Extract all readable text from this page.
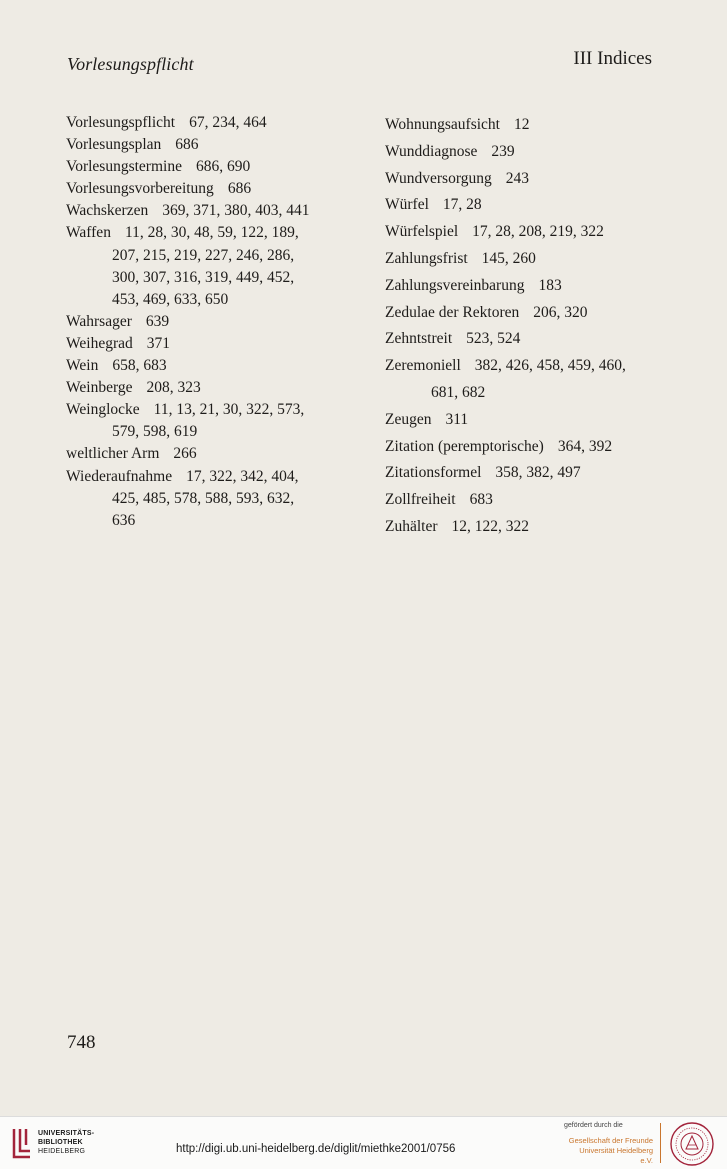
Vorlesungspflicht	III Indices
Vorlesungspflicht 67, 234, 464
Vorlesungsplan 686
Vorlesungstermine 686, 690
Vorlesungsvorbereitung 686
Wachskerzen 369, 371, 380, 403, 441
Waffen 11, 28, 30, 48, 59, 122, 189,
207, 215, 219, 227, 246, 286,
300, 307, 316, 319, 449, 452,
453, 469, 633, 650
Wahrsager 639
Weihegrad 371
Wein 658, 683
Weinberge 208, 323
Weinglocke 11, 13, 21, 30, 322, 573,
579, 598, 619
weltlicher Arm 266
Wiederaufnahme 17, 322, 342, 404,
425, 485, 578, 588, 593, 632,
636
Wohnungsaufsicht 12
Wunddiagnose 239
Wundversorgung 243
Würfel 17, 28
Würfelspiel 17, 28, 208, 219, 322
Zahlungsfrist 145, 260
Zahlungsvereinbarung 183
Zedulae der Rektoren 206, 320
Zehntstreit 523, 524
Zeremoniell 382, 426, 458, 459, 460,
681, 682
Zeugen 311
Zitation (peremptorische) 364, 392
Zitationsformel 358, 382, 497
Zollfreiheit 683
Zuhälter 12, 122, 322
748
UNIVERSITÄTS-
BIBLIOTHEK
HEIDELBERG	http://digi.ub.uni-heidelberg.de/diglit/miethke2001/0756
gefördert durch die
Gesellschaft der Freunde
Universität Heidelberg e.V.
